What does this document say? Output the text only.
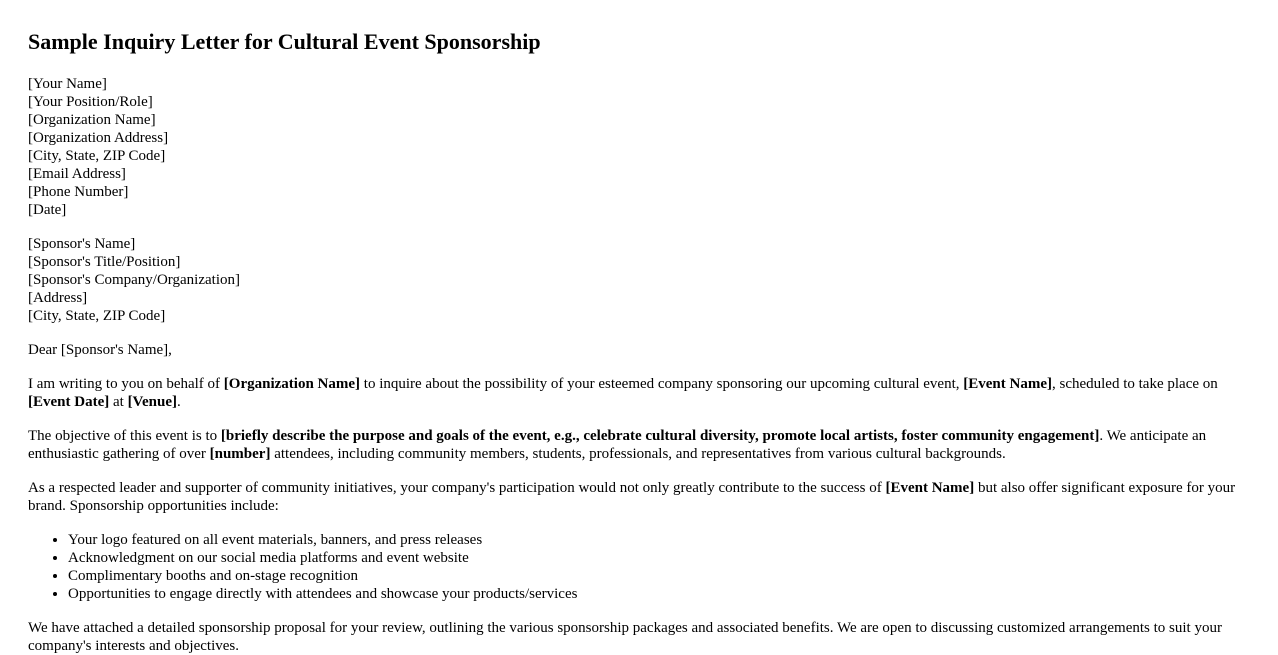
Sample Inquiry Letter for Cultural Event Sponsorship
[Your Name]
[Your Position/Role]
[Organization Name]
[Organization Address]
[City, State, ZIP Code]
[Email Address]
[Phone Number]
[Date]
[Sponsor's Name]
[Sponsor's Title/Position]
[Sponsor's Company/Organization]
[Address]
[City, State, ZIP Code]

Dear [Sponsor's Name],

I am writing to you on behalf of [Organization Name] to inquire about the possibility of your esteemed company sponsoring our upcoming cultural event, [Event Name], scheduled to take place on [Event Date] at [Venue].

The objective of this event is to [briefly describe the purpose and goals of the event, e.g., celebrate cultural diversity, promote local artists, foster community engagement]. We anticipate an enthusiastic gathering of over [number] attendees, including community members, students, professionals, and representatives from various cultural backgrounds.

As a respected leader and supporter of community initiatives, your company's participation would not only greatly contribute to the success of [Event Name] but also offer significant exposure for your brand. Sponsorship opportunities include:

• Your logo featured on all event materials, banners, and press releases
• Acknowledgment on our social media platforms and event website
• Complimentary booths and on-stage recognition
• Opportunities to engage directly with attendees and showcase your products/services

We have attached a detailed sponsorship proposal for your review, outlining the various sponsorship packages and associated benefits. We are open to discussing customized arrangements to suit your company's interests and objectives.
